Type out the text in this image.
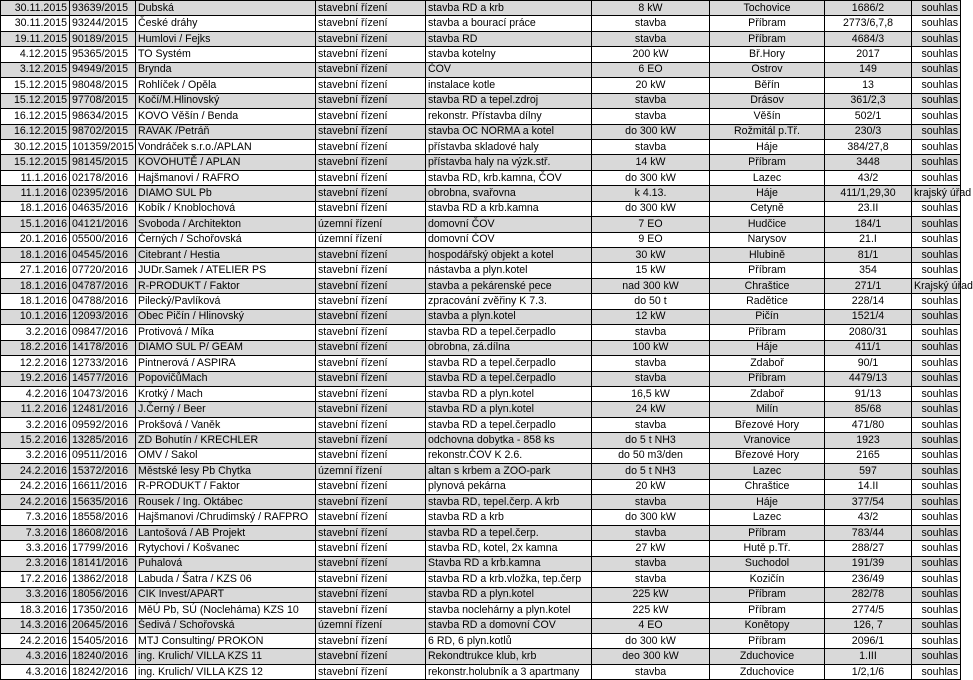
30.11.2015	93639/2015	Dubská	stavební řízení	stavba RD a krb	8 kW	Tochovice	1686/2	souhlas
30.11.2015	93244/2015	České dráhy	stavební řízení	stavba a bourací práce	stavba	Příbram	2773/6,7,8	souhlas
19.11.2015	90189/2015	Humlovi / Fejks	stavební řízení	stavba RD	stavba	Příbram	4684/3	souhlas
4.12.2015	95365/2015	TO Systém	stavební řízení	stavba kotelny	200 kW	Bř.Hory	2017	souhlas
3.12.2015	94949/2015	Brynda	stavební řízení	ČOV	6 EO	Ostrov	149	souhlas
15.12.2015	98048/2015	Rohlíček / Opěla	stavební řízení	instalace kotle	20 kW	Běřín	13	souhlas
15.12.2015	97708/2015	Kočí/M.Hlinovský	stavební řízení	stavba RD a tepel.zdroj	stavba	Drásov	361/2,3	souhlas
16.12.2015	98634/2015	KOVO Věšín / Benda	stavební řízení	rekonstr. Přístavba dílny	stavba	Věšín	502/1	souhlas
16.12.2015	98702/2015	RAVAK /Petráň	stavební řízení	stavba OC NORMA a kotel	do 300 kW	Rožmitál p.Tř.	230/3	souhlas
30.12.2015	101359/2015	Vondráček s.r.o./APLAN	stavební řízení	přístavba skladové haly	stavba	Háje	384/27,8	souhlas
15.12.2015	98145/2015	KOVOHUTĚ / APLAN	stavební řízení	přístavba haly na výzk.stř.	14 kW	Příbram	3448	souhlas
11.1.2016	02178/2016	Hajšmanovi / RAFRO	stavební řízení	stavba RD, krb.kamna, ČOV	do 300 kW	Lazec	43/2	souhlas
11.1.2016	02395/2016	DIAMO SUL Pb	stavební řízení	obrobna, svařovna	k 4.13.	Háje	411/1,29,30	krajský úřad
18.1.2016	04635/2016	Kobík / Knoblochová	stavební řízení	stavba RD a krb.kamna	do 300 kW	Cetyně	23.II	souhlas
15.1.2016	04121/2016	Svoboda / Architekton	územní řízení	domovní ČOV	7 EO	Hudčice	184/1	souhlas
20.1.2016	05500/2016	Černých / Schořovská	územní řízení	domovní ČOV	9 EO	Narysov	21.I	souhlas
18.1.2016	04545/2016	Citebrant / Hestia	stavební řízení	hospodářský objekt a kotel	30 kW	Hlubině	81/1	souhlas
27.1.2016	07720/2016	JUDr.Samek / ATELIER PS	stavební řízení	nástavba a plyn.kotel	15 kW	Příbram	354	souhlas
18.1.2016	04787/2016	R-PRODUKT / Faktor	stavební řízení	stavba a pekárenské pece	nad 300 kW	Chraštice	271/1	Krajský úřad
18.1.2016	04788/2016	Pilecký/Pavlíková	stavební řízení	zpracování zvěřiny K 7.3.	do 50 t	Radětice	228/14	souhlas
10.1.2016	12093/2016	Obec Pičín / Hlinovský	stavební řízení	stavba a plyn.kotel	12 kW	Pičín	1521/4	souhlas
3.2.2016	09847/2016	Protivová / Míka	stavební řízení	stavba RD a tepel.čerpadlo	stavba	Příbram	2080/31	souhlas
18.2.2016	14178/2016	DIAMO SUL P/ GEAM	stavební řízení	obrobna, zá.dílna	100 kW	Háje	411/1	souhlas
12.2.2016	12733/2016	Pintnerová / ASPIRA	stavební řízení	stavba RD a tepel.čerpadlo	stavba	Zdaboř	90/1	souhlas
19.2.2016	14577/2016	PopovičůMach	stavební řízení	stavba RD a tepel.čerpadlo	stavba	Příbram	4479/13	souhlas
4.2.2016	10473/2016	Krotký / Mach	stavební řízení	stavba RD a plyn.kotel	16,5 kW	Zdaboř	91/13	souhlas
11.2.2016	12481/2016	J.Černý / Beer	stavební řízení	stavba RD a plyn.kotel	24 kW	Milín	85/68	souhlas
3.2.2016	09592/2016	Prokšová / Vaněk	stavební řízení	stavba RD a tepel.čerpadlo	stavba	Březové Hory	471/80	souhlas
15.2.2016	13285/2016	ZD Bohutín / KRECHLER	stavební řízení	odchovna dobytka - 858 ks	do 5 t NH3	Vranovice	1923	souhlas
3.2.2016	09511/2016	OMV / Sakol	stavební řízení	rekonstr.ČOV K 2.6.	do 50 m3/den	Březové Hory	2165	souhlas
24.2.2016	15372/2016	Městské lesy Pb Chytka	územní řízení	altan s krbem a ZOO-park	do 5 t NH3	Lazec	597	souhlas
24.2.2016	16611/2016	R-PRODUKT / Faktor	stavební řízení	plynová pekárna	20 kW	Chraštice	14.II	souhlas
24.2.2016	15635/2016	Rousek / Ing. Oktábec	stavební řízení	stavba RD, tepel.čerp. A krb	stavba	Háje	377/54	souhlas
7.3.2016	18558/2016	Hajšmanovi /Chrudimský / RAFPRO	stavební řízení	stavba RD a krb	do 300 kW	Lazec	43/2	souhlas
7.3.2016	18608/2016	Lantošová / AB Projekt	stavební řízení	stavba RD a tepel.čerp.	stavba	Příbram	783/44	souhlas
3.3.2016	17799/2016	Rytychovi / Košvanec	stavební řízení	stavba RD, kotel, 2x kamna	27 kW	Hutě p.Tř.	288/27	souhlas
2.3.2016	18141/2016	Puhalová	stavební řízení	Stavba RD a krb.kamna	stavba	Suchodol	191/39	souhlas
17.2.2016	13862/2018	Labuda / Šatra / KZS 06	stavební řízení	stavba RD a krb.vložka, tep.čerp	stavba	Kozičín	236/49	souhlas
3.3.2016	18056/2016	CIK Invest/APART	stavební řízení	stavba RD a plyn.kotel	225 kW	Příbram	282/78	souhlas
18.3.2016	17350/2016	MěÚ Pb, SÚ (Nocleháma) KZS 10	stavební řízení	stavba noclehárny a plyn.kotel	225 kW	Příbram	2774/5	souhlas
14.3.2016	20645/2016	Šedivá / Schořovská	územní řízení	stavba RD a domovní ČOV	4 EO	Konětopy	126, 7	souhlas
24.2.2016	15405/2016	MTJ Consulting/ PROKON	stavební řízení	6 RD, 6 plyn.kotlů	do 300 kW	Příbram	2096/1	souhlas
4.3.2016	18240/2016	ing. Krulich/ VILLA KZS 11	stavební řízení	Rekondtrukce klub, krb	deo 300 kW	Zduchovice	1.III	souhlas
4.3.2016	18242/2016	ing. Krulich/ VILLA KZS 12	stavební řízení	rekonstr.holubník a 3 apartmany	stavba	Zduchovice	1/2,1/6	souhlas
